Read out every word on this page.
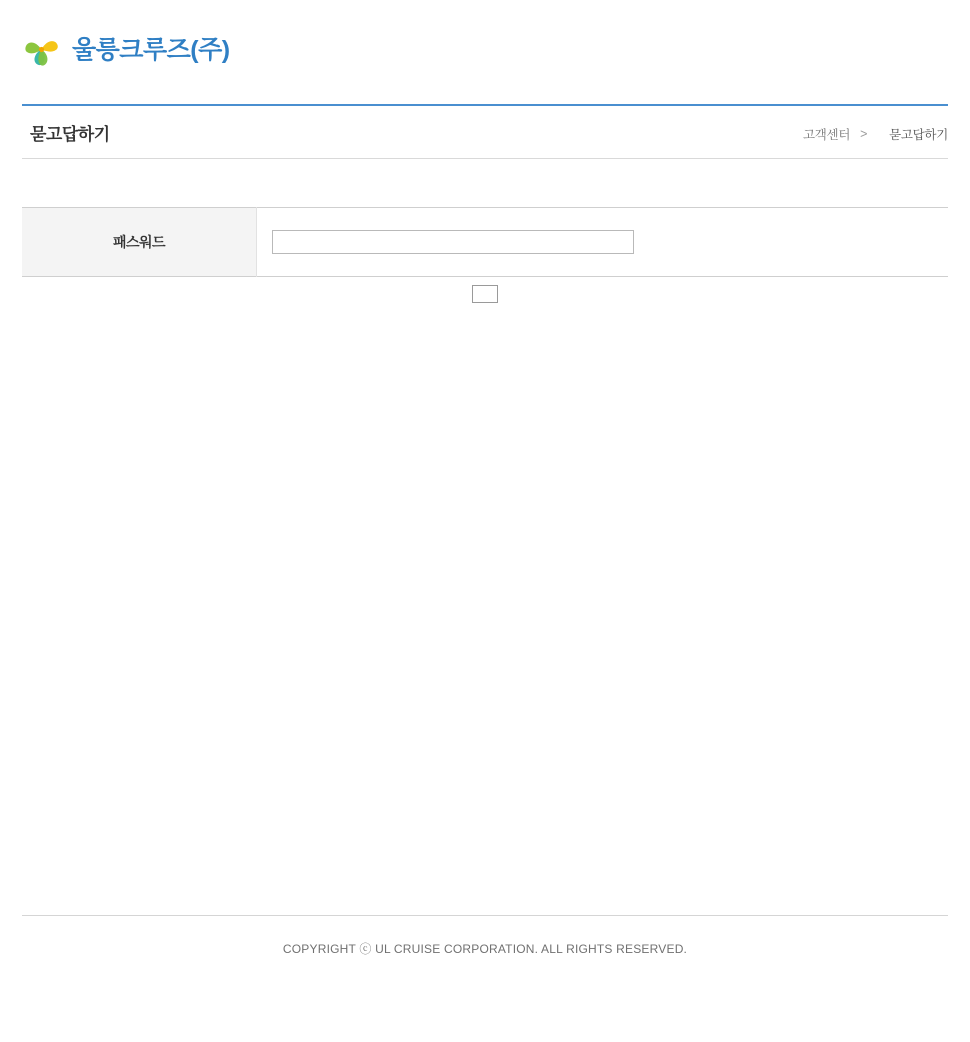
울릉크루즈(주)
묻고답하기	고객센터 >	묻고답하기
패스워드	
COPYRIGHT ⓒ UL CRUISE CORPORATION. ALL RIGHTS RESERVED.
